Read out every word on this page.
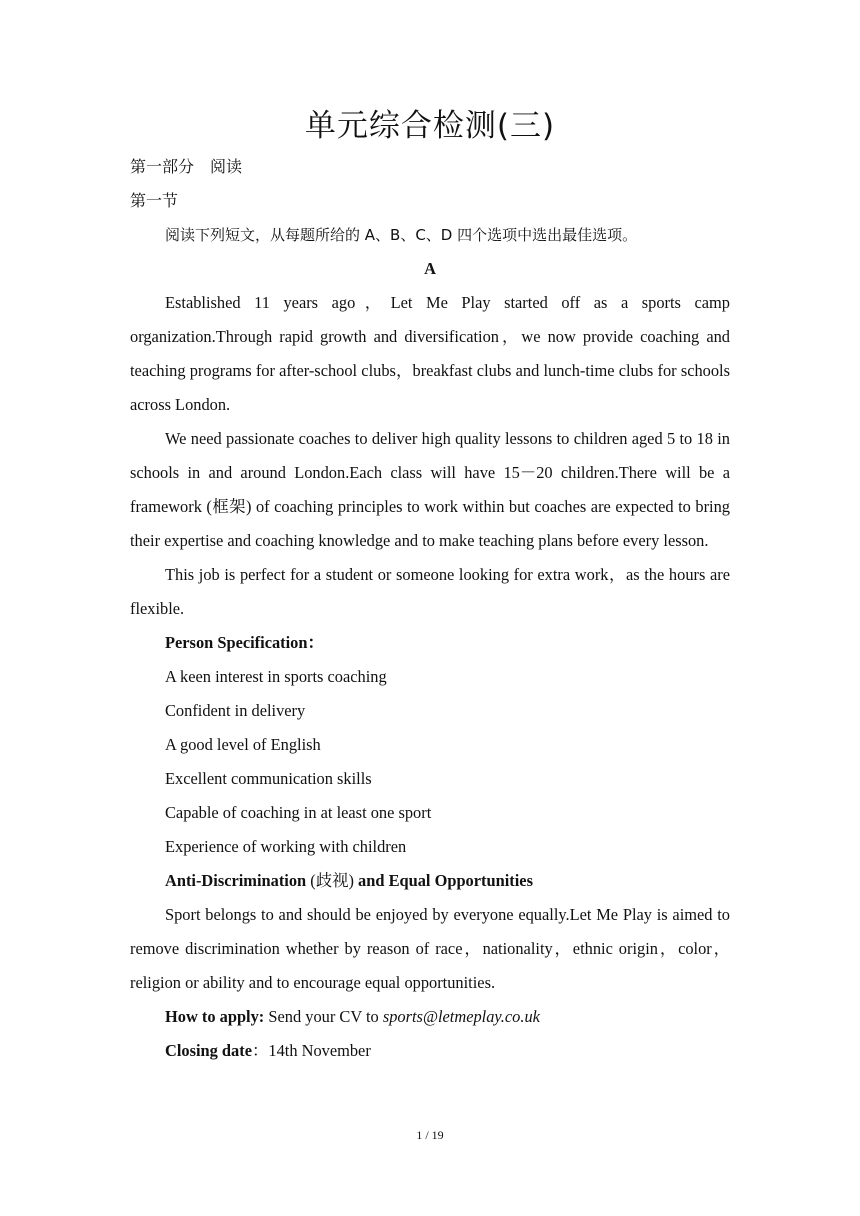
单元综合检测(三)
第一部分　阅读
第一节

阅读下列短文，从每题所给的 A、B、C、D 四个选项中选出最佳选项。

A

Established 11 years ago，Let Me Play started off as a sports camp organization.Through rapid growth and diversification，we now provide coaching and teaching programs for after-school clubs，breakfast clubs and lunch-time clubs for schools across London.

We need passionate coaches to deliver high quality lessons to children aged 5 to 18 in schools in and around London.Each class will have 15－20 children.There will be a framework (框架) of coaching principles to work within but coaches are expected to bring their expertise and coaching knowledge and to make teaching plans before every lesson.

This job is perfect for a student or someone looking for extra work，as the hours are flexible.

Person Specification：

A keen interest in sports coaching

Confident in delivery

A good level of English

Excellent communication skills

Capable of coaching in at least one sport

Experience of working with children

Anti-Discrimination (歧视) and Equal Opportunities

Sport belongs to and should be enjoyed by everyone equally.Let Me Play is aimed to remove discrimination whether by reason of race，nationality，ethnic origin，color，religion or ability and to encourage equal opportunities.

How to apply: Send your CV to sports@letmeplay.co.uk

Closing date：14th November

1 / 19
